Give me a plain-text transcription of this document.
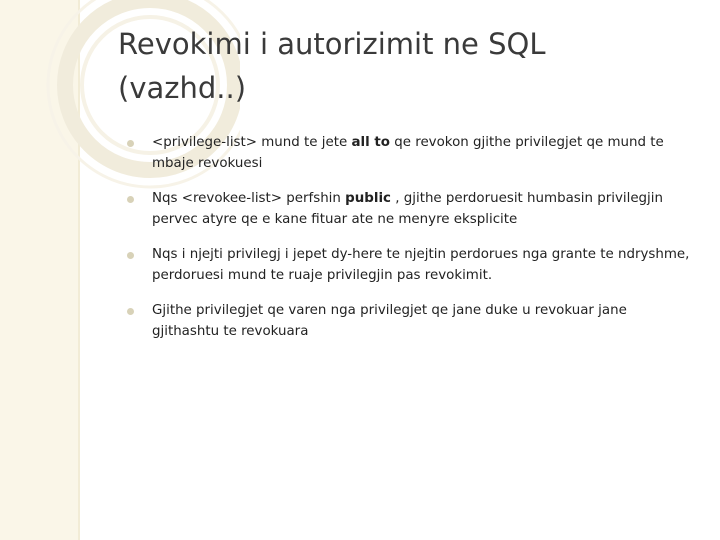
Revokimi i autorizimit ne SQL
(vazhd..)
<privilege-list> mund te jete all to qe revokon gjithe privilegjet qe mund te mbaje revokuesi
Nqs <revokee-list> perfshin public , gjithe perdoruesit humbasin privilegjin pervec atyre qe e kane fituar ate ne menyre eksplicite
Nqs i njejti privilegj i jepet dy-here te njejtin perdorues nga grante te ndryshme, perdoruesi mund te ruaje privilegjin pas revokimit.
Gjithe privilegjet qe varen nga privilegjet qe jane duke u revokuar jane gjithashtu te revokuara
